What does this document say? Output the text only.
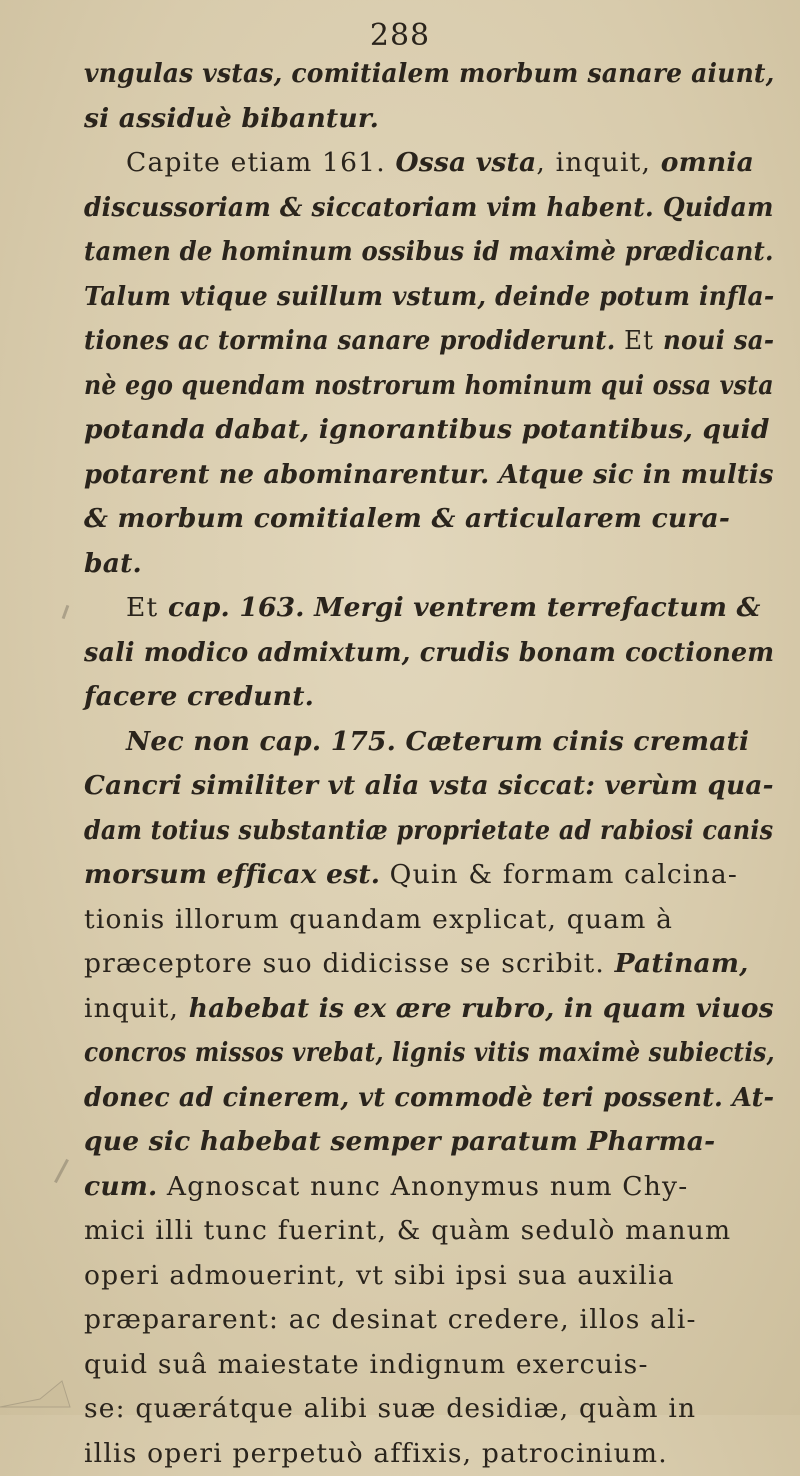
288
vngulas vstas, comitialem morbum sanare aiunt,
si assiduè bibantur.
Capite etiam 161. Ossa vsta, inquit, omnia
discussoriam & siccatoriam vim habent. Quidam
tamen de hominum ossibus id maximè prædicant.
Talum vtique suillum vstum, deinde potum infla-
tiones ac tormina sanare prodiderunt. Et noui sa-
nè ego quendam nostrorum hominum qui ossa vsta
potanda dabat, ignorantibus potantibus, quid
potarent ne abominarentur. Atque sic in multis
& morbum comitialem & articularem cura-
bat.
Et cap. 163. Mergi ventrem terrefactum &
sali modico admixtum, crudis bonam coctionem
facere credunt.
Nec non cap. 175. Cæterum cinis cremati
Cancri similiter vt alia vsta siccat: verùm qua-
dam totius substantiæ proprietate ad rabiosi canis
morsum efficax est. Quin & formam calcina-
tionis illorum quandam explicat, quam à
præceptore suo didicisse se scribit. Patinam,
inquit, habebat is ex ære rubro, in quam viuos
concros missos vrebat, lignis vitis maximè subiectis,
donec ad cinerem, vt commodè teri possent. At-
que sic habebat semper paratum Pharma-
cum. Agnoscat nunc Anonymus num Chy-
mici illi tunc fuerint, & quàm sedulò manum
operi admouerint, vt sibi ipsi sua auxilia
præpararent: ac desinat credere, illos ali-
quid suâ maiestate indignum exercuis-
se: quærátque alibi suæ desidiæ, quàm in
illis operi perpetuò affixis, patrocinium.
